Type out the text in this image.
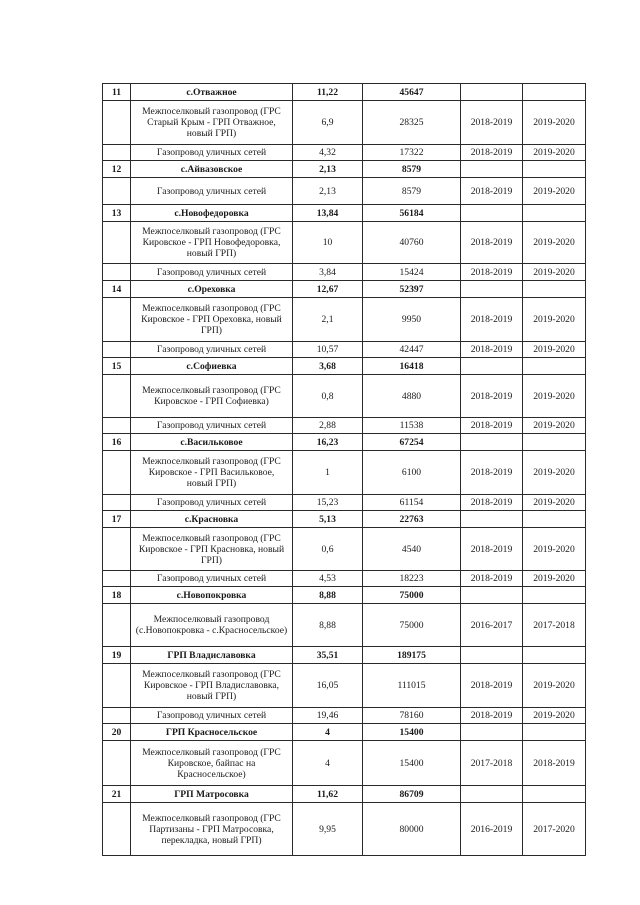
11	с.Отважное	11,22	45647		
	Межпоселковый газопровод (ГРС Старый Крым - ГРП Отважное, новый ГРП)	6,9	28325	2018-2019	2019-2020
	Газопровод уличных сетей	4,32	17322	2018-2019	2019-2020
12	с.Айвазовское	2,13	8579		
	Газопровод уличных сетей	2,13	8579	2018-2019	2019-2020
13	с.Новофедоровка	13,84	56184		
	Межпоселковый газопровод (ГРС Кировское - ГРП Новофедоровка, новый ГРП)	10	40760	2018-2019	2019-2020
	Газопровод уличных сетей	3,84	15424	2018-2019	2019-2020
14	с.Ореховка	12,67	52397		
	Межпоселковый газопровод (ГРС Кировское - ГРП Ореховка, новый ГРП)	2,1	9950	2018-2019	2019-2020
	Газопровод уличных сетей	10,57	42447	2018-2019	2019-2020
15	с.Софиевка	3,68	16418		
	Межпоселковый газопровод (ГРС Кировское - ГРП Софиевка)	0,8	4880	2018-2019	2019-2020
	Газопровод уличных сетей	2,88	11538	2018-2019	2019-2020
16	с.Васильковое	16,23	67254		
	Межпоселковый газопровод (ГРС Кировское - ГРП Васильковое, новый ГРП)	1	6100	2018-2019	2019-2020
	Газопровод уличных сетей	15,23	61154	2018-2019	2019-2020
17	с.Красновка	5,13	22763		
	Межпоселковый газопровод (ГРС Кировское - ГРП Красновка, новый ГРП)	0,6	4540	2018-2019	2019-2020
	Газопровод уличных сетей	4,53	18223	2018-2019	2019-2020
18	с.Новопокровка	8,88	75000		
	Межпоселковый газопровод (с.Новопокровка - с.Красносельское)	8,88	75000	2016-2017	2017-2018
19	ГРП Владиславовка	35,51	189175		
	Межпоселковый газопровод (ГРС Кировское - ГРП Владиславовка, новый ГРП)	16,05	111015	2018-2019	2019-2020
	Газопровод уличных сетей	19,46	78160	2018-2019	2019-2020
20	ГРП Красносельское	4	15400		
	Межпоселковый газопровод (ГРС Кировское, байпас на Красносельское)	4	15400	2017-2018	2018-2019
21	ГРП Матросовка	11,62	86709		
	Межпоселковый газопровод (ГРС Партизаны - ГРП Матросовка, перекладка, новый ГРП)	9,95	80000	2016-2019	2017-2020
